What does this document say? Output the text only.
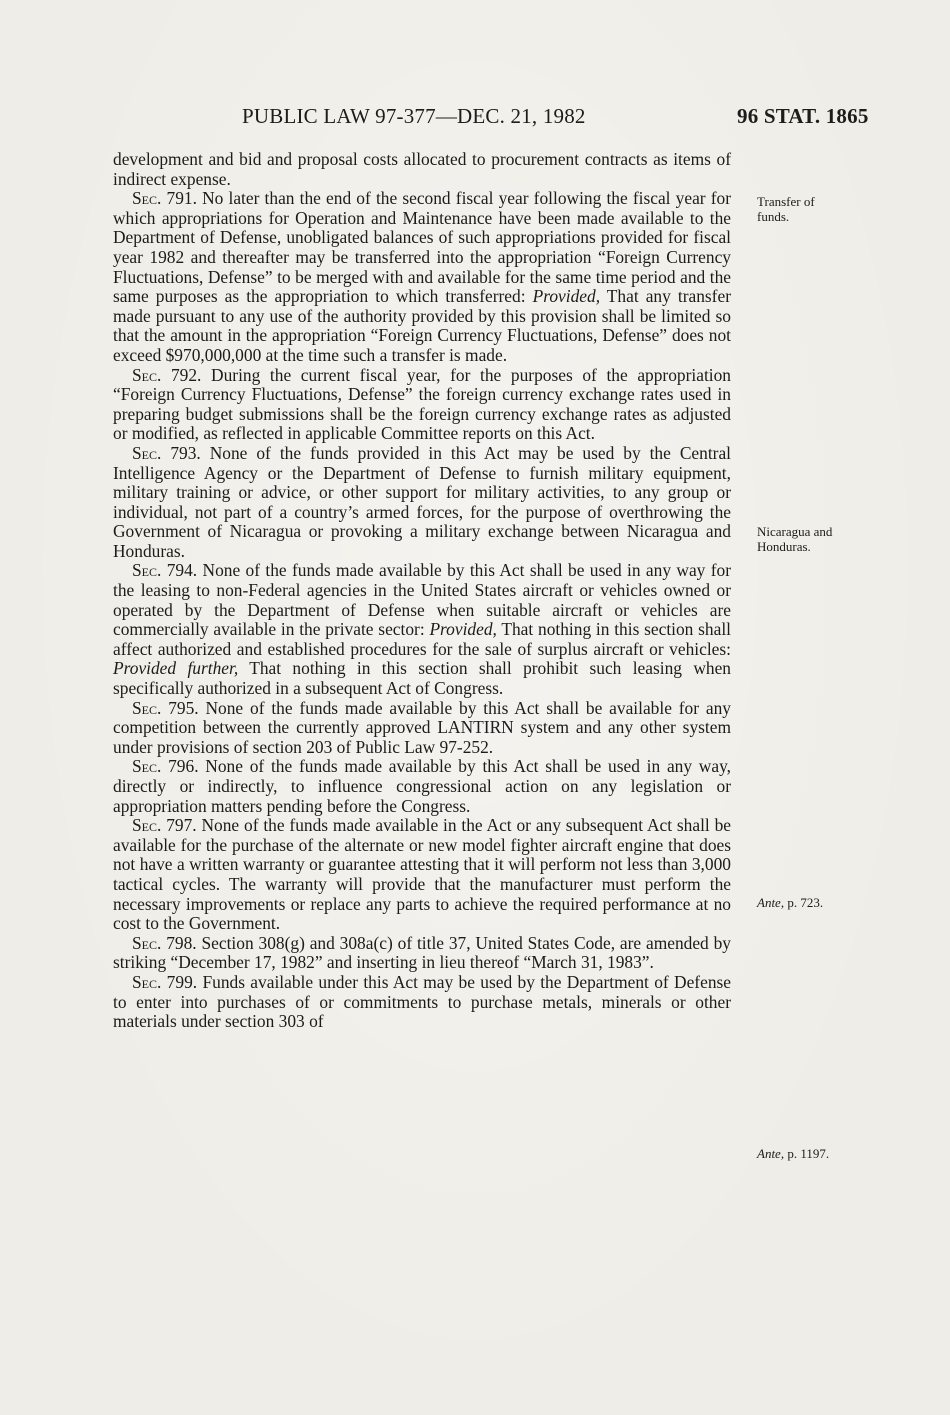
PUBLIC LAW 97-377—DEC. 21, 1982	96 STAT. 1865

development and bid and proposal costs allocated to procurement contracts as items of indirect expense.

Sec. 791. No later than the end of the second fiscal year following the fiscal year for which appropriations for Operation and Maintenance have been made available to the Department of Defense, unobligated balances of such appropriations provided for fiscal year 1982 and thereafter may be transferred into the appropriation “Foreign Currency Fluctuations, Defense” to be merged with and available for the same time period and the same purposes as the appropriation to which transferred: Provided, That any transfer made pursuant to any use of the authority provided by this provision shall be limited so that the amount in the appropriation “Foreign Currency Fluctuations, Defense” does not exceed $970,000,000 at the time such a transfer is made.

Sec. 792. During the current fiscal year, for the purposes of the appropriation “Foreign Currency Fluctuations, Defense” the foreign currency exchange rates used in preparing budget submissions shall be the foreign currency exchange rates as adjusted or modified, as reflected in applicable Committee reports on this Act.

Sec. 793. None of the funds provided in this Act may be used by the Central Intelligence Agency or the Department of Defense to furnish military equipment, military training or advice, or other support for military activities, to any group or individual, not part of a country’s armed forces, for the purpose of overthrowing the Government of Nicaragua or provoking a military exchange between Nicaragua and Honduras.

Sec. 794. None of the funds made available by this Act shall be used in any way for the leasing to non-Federal agencies in the United States aircraft or vehicles owned or operated by the Department of Defense when suitable aircraft or vehicles are commercially available in the private sector: Provided, That nothing in this section shall affect authorized and established procedures for the sale of surplus aircraft or vehicles: Provided further, That nothing in this section shall prohibit such leasing when specifically authorized in a subsequent Act of Congress.

Sec. 795. None of the funds made available by this Act shall be available for any competition between the currently approved LANTIRN system and any other system under provisions of section 203 of Public Law 97-252.

Sec. 796. None of the funds made available by this Act shall be used in any way, directly or indirectly, to influence congressional action on any legislation or appropriation matters pending before the Congress.

Sec. 797. None of the funds made available in the Act or any subsequent Act shall be available for the purchase of the alternate or new model fighter aircraft engine that does not have a written warranty or guarantee attesting that it will perform not less than 3,000 tactical cycles. The warranty will provide that the manufacturer must perform the necessary improvements or replace any parts to achieve the required performance at no cost to the Government.

Sec. 798. Section 308(g) and 308a(c) of title 37, United States Code, are amended by striking “December 17, 1982” and inserting in lieu thereof “March 31, 1983”.

Sec. 799. Funds available under this Act may be used by the Department of Defense to enter into purchases of or commitments to purchase metals, minerals or other materials under section 303 of

Transfer of
funds.
Nicaragua and
Honduras.
Ante, p. 723.
Ante, p. 1197.
